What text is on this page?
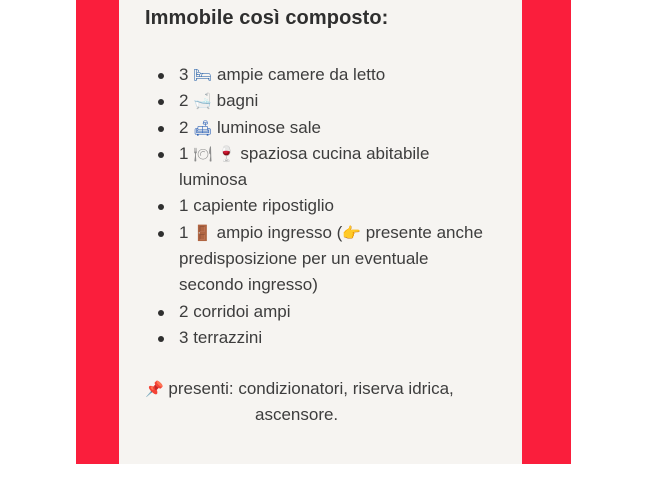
Immobile così composto:
3 🛏 ampie camere da letto
2 🛁 bagni
2 🛋 luminose sale
1 🍽 🍷 spaziosa cucina abitabile luminosa
1 capiente ripostiglio
1 🚪 ampio ingresso (👉 presente anche predisposizione per un eventuale secondo ingresso)
2 corridoi ampi
3 terrazzini
📌 presenti: condizionatori, riserva idrica,
ascensore.
